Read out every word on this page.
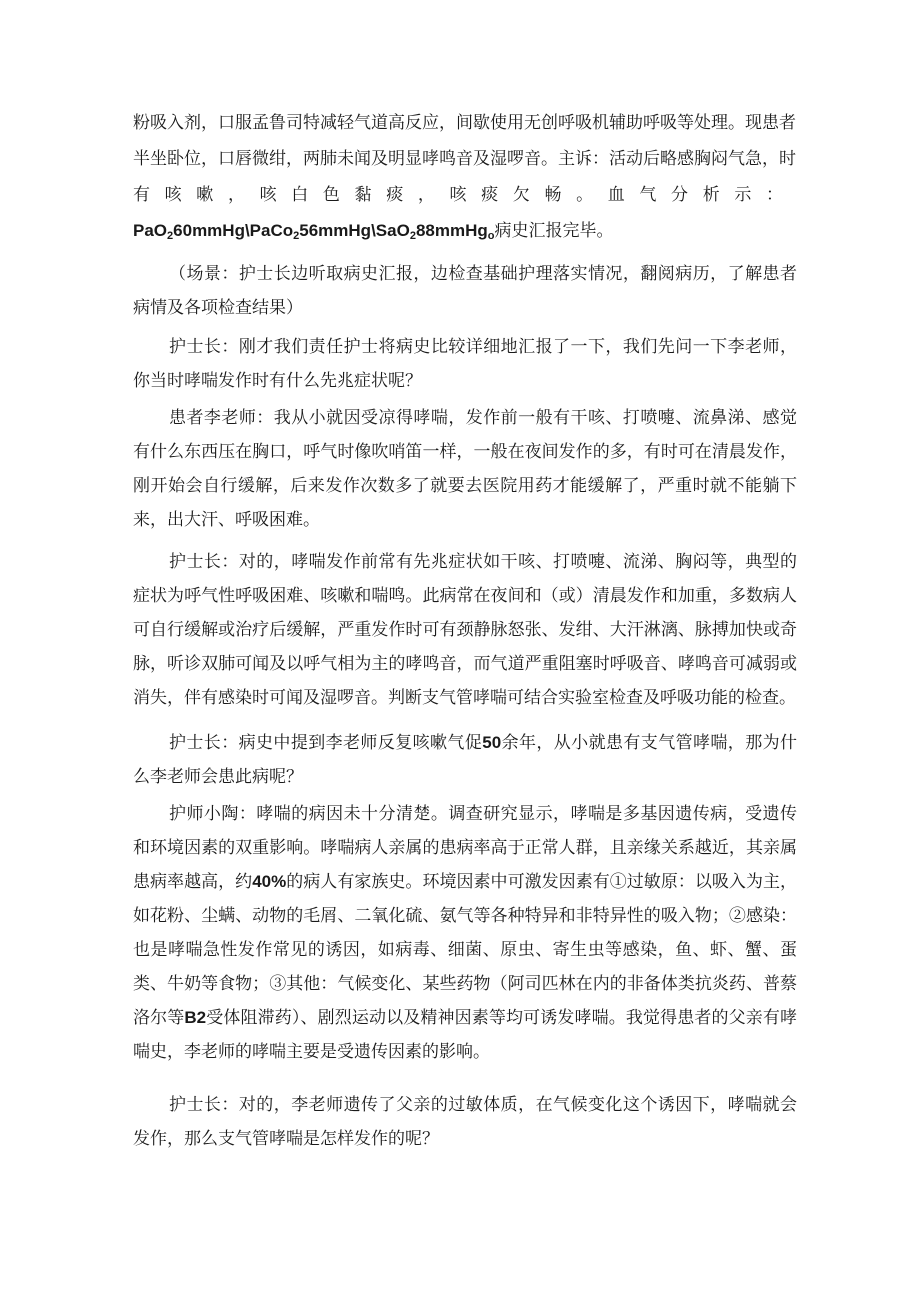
粉吸入剂，口服孟鲁司特减轻气道高反应，间歇使用无创呼吸机辅助呼吸等处理。现患者

半坐卧位，口唇微绀，两肺未闻及明显哮鸣音及湿啰音。主诉：活动后略感胸闷气急，时

有咳嗽，咳白色黏痰，咳痰欠畅。血气分析示：

PaO$_2$60mmHg\PaCo$_2$56mmHg\SaO$_2$88mmHg$_o$病史汇报完毕。

（场景：护士长边听取病史汇报，边检查基础护理落实情况，翻阅病历，了解患者病情及各项检查结果）

护士长：刚才我们责任护士将病史比较详细地汇报了一下，我们先问一下李老师，你当时哮喘发作时有什么先兆症状呢？

患者李老师：我从小就因受凉得哮喘，发作前一般有干咳、打喷嚏、流鼻涕、感觉有什么东西压在胸口，呼气时像吹哨笛一样，一般在夜间发作的多，有时可在清晨发作，刚开始会自行缓解，后来发作次数多了就要去医院用药才能缓解了，严重时就不能躺下来，出大汗、呼吸困难。

护士长：对的，哮喘发作前常有先兆症状如干咳、打喷嚏、流涕、胸闷等，典型的症状为呼气性呼吸困难、咳嗽和喘鸣。此病常在夜间和（或）清晨发作和加重，多数病人可自行缓解或治疗后缓解，严重发作时可有颈静脉怒张、发绀、大汗淋漓、脉搏加快或奇脉，听诊双肺可闻及以呼气相为主的哮鸣音，而气道严重阻塞时呼吸音、哮鸣音可减弱或消失，伴有感染时可闻及湿啰音。判断支气管哮喘可结合实验室检查及呼吸功能的检查。

护士长：病史中提到李老师反复咳嗽气促50余年，从小就患有支气管哮喘，那为什么李老师会患此病呢？

护师小陶：哮喘的病因未十分清楚。调查研究显示，哮喘是多基因遗传病，受遗传和环境因素的双重影响。哮喘病人亲属的患病率高于正常人群，且亲缘关系越近，其亲属患病率越高，约40%的病人有家族史。环境因素中可激发因素有①过敏原：以吸入为主，如花粉、尘螨、动物的毛屑、二氧化硫、氨气等各种特异和非特异性的吸入物；②感染：也是哮喘急性发作常见的诱因，如病毒、细菌、原虫、寄生虫等感染，鱼、虾、蟹、蛋类、牛奶等食物；③其他：气候变化、某些药物（阿司匹林在内的非备体类抗炎药、普蔡洛尔等B2受体阻滞药）、剧烈运动以及精神因素等均可诱发哮喘。我觉得患者的父亲有哮喘史，李老师的哮喘主要是受遗传因素的影响。

护士长：对的，李老师遗传了父亲的过敏体质，在气候变化这个诱因下，哮喘就会发作，那么支气管哮喘是怎样发作的呢？
